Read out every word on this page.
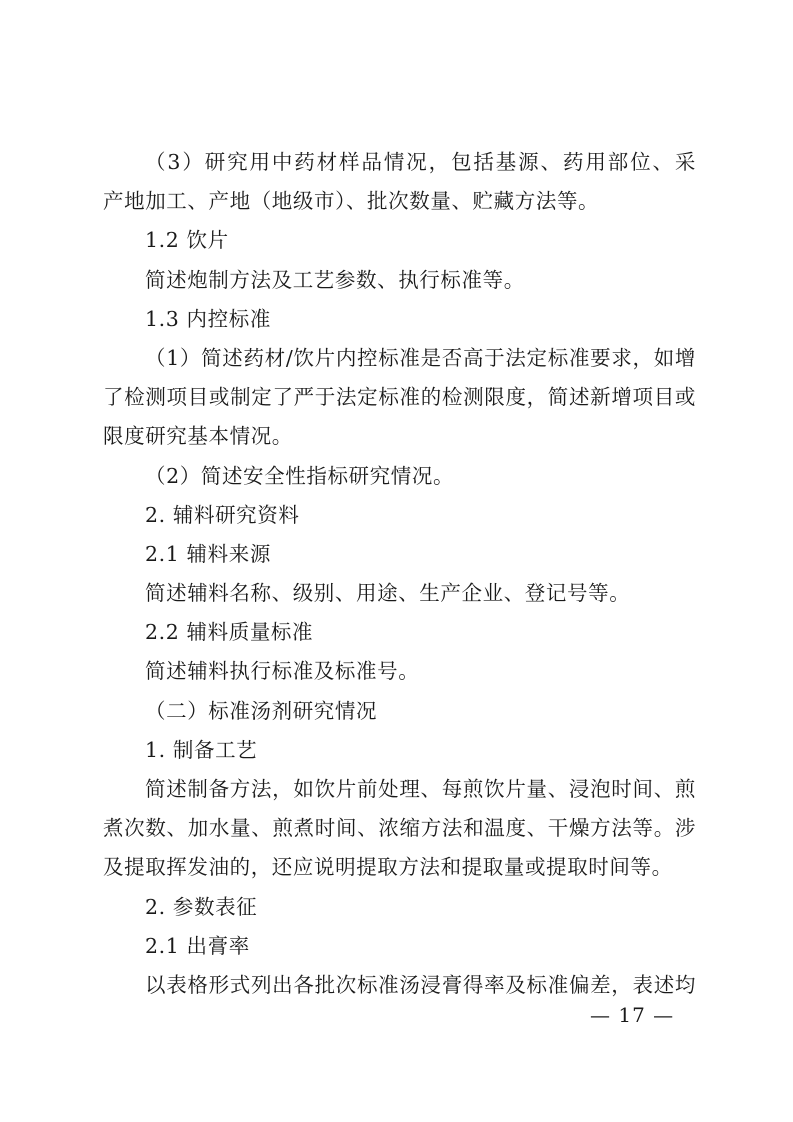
（3）研究用中药材样品情况，包括基源、药用部位、采
产地加工、产地（地级市）、批次数量、贮藏方法等。
1.2 饮片
简述炮制方法及工艺参数、执行标准等。
1.3 内控标准
（1）简述药材/饮片内控标准是否高于法定标准要求，如增
了检测项目或制定了严于法定标准的检测限度，简述新增项目或
限度研究基本情况。
（2）简述安全性指标研究情况。
2. 辅料研究资料
2.1 辅料来源
简述辅料名称、级别、用途、生产企业、登记号等。
2.2 辅料质量标准
简述辅料执行标准及标准号。
（二）标准汤剂研究情况
1. 制备工艺
简述制备方法，如饮片前处理、每煎饮片量、浸泡时间、煎
煮次数、加水量、煎煮时间、浓缩方法和温度、干燥方法等。涉
及提取挥发油的，还应说明提取方法和提取量或提取时间等。
2. 参数表征
2.1 出膏率
以表格形式列出各批次标准汤浸膏得率及标准偏差，表述均
— 17 —
